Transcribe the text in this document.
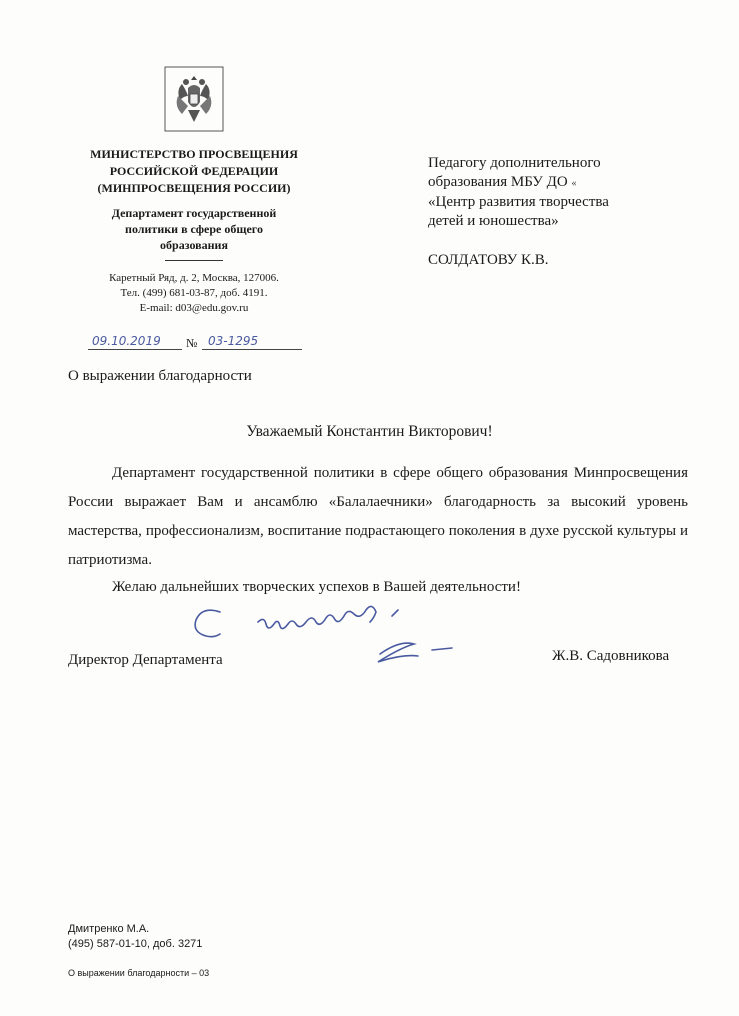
МИНИСТЕРСТВО ПРОСВЕЩЕНИЯ
РОССИЙСКОЙ ФЕДЕРАЦИИ
(МИНПРОСВЕЩЕНИЯ РОССИИ)
Департамент государственной
политики в сфере общего
образования
Каретный Ряд, д. 2, Москва, 127006.
Тел. (499) 681-03-87, доб. 4191.
E-mail: d03@edu.gov.ru
09.10.2019 № 03-1295
О выражении благодарности
Педагогу дополнительного
образования МБУ ДО «
«Центр развития творчества
детей и юношества»
СОЛДАТОВУ К.В.
Уважаемый Константин Викторович!
Департамент государственной политики в сфере общего образования Минпросвещения России выражает Вам и ансамблю «Балалаечники» благодарность за высокий уровень мастерства, профессионализм, воспитание подрастающего поколения в духе русской культуры и патриотизма.
Желаю дальнейших творческих успехов в Вашей деятельности!
Директор Департамента	Ж.В. Садовникова
Дмитренко М.А.
(495) 587-01-10, доб. 3271
О выражении благодарности – 03
